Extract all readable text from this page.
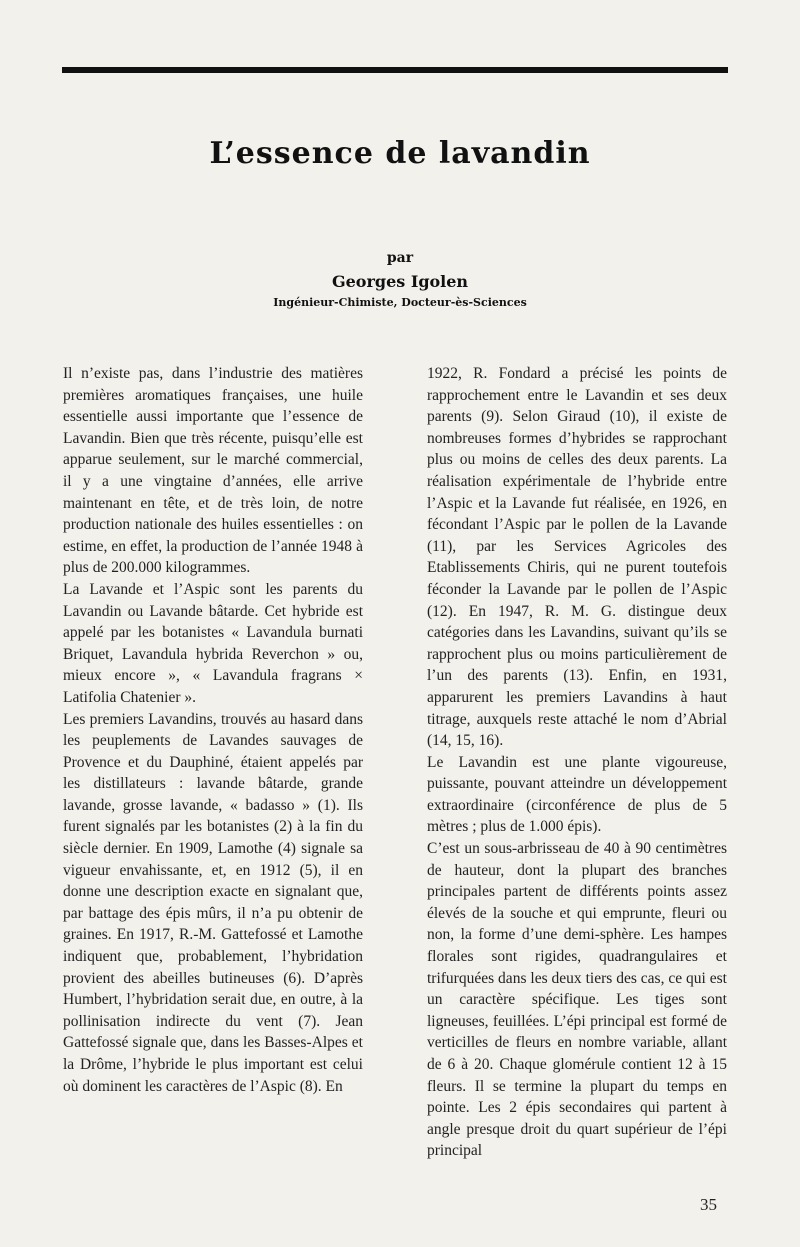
L’essence de lavandin
par
Georges Igolen
Ingénieur-Chimiste, Docteur-ès-Sciences

Il n’existe pas, dans l’industrie des matières premières aromatiques françaises, une huile essentielle aussi importante que l’essence de Lavandin. Bien que très récente, puisqu’elle est apparue seulement, sur le marché commercial, il y a une vingtaine d’années, elle arrive maintenant en tête, et de très loin, de notre production nationale des huiles essentielles : on estime, en effet, la production de l’année 1948 à plus de 200.000 kilogrammes.

La Lavande et l’Aspic sont les parents du Lavandin ou Lavande bâtarde. Cet hybride est appelé par les botanistes « Lavandula burnati Briquet, Lavandula hybrida Reverchon » ou, mieux encore », « Lavandula fragrans × Latifolia Chatenier ».

Les premiers Lavandins, trouvés au hasard dans les peuplements de Lavandes sauvages de Provence et du Dauphiné, étaient appelés par les distillateurs : lavande bâtarde, grande lavande, grosse lavande, « badasso » (1). Ils furent signalés par les botanistes (2) à la fin du siècle dernier. En 1909, Lamothe (4) signale sa vigueur envahissante, et, en 1912 (5), il en donne une description exacte en signalant que, par battage des épis mûrs, il n’a pu obtenir de graines. En 1917, R.-M. Gattefossé et Lamothe indiquent que, probablement, l’hybridation provient des abeilles butineuses (6). D’après Humbert, l’hybridation serait due, en outre, à la pollinisation indirecte du vent (7). Jean Gattefossé signale que, dans les Basses-Alpes et la Drôme, l’hybride le plus important est celui où dominent les caractères de l’Aspic (8). En

1922, R. Fondard a précisé les points de rapprochement entre le Lavandin et ses deux parents (9). Selon Giraud (10), il existe de nombreuses formes d’hybrides se rapprochant plus ou moins de celles des deux parents. La réalisation expérimentale de l’hybride entre l’Aspic et la Lavande fut réalisée, en 1926, en fécondant l’Aspic par le pollen de la Lavande (11), par les Services Agricoles des Etablissements Chiris, qui ne purent toutefois féconder la Lavande par le pollen de l’Aspic (12). En 1947, R. M. G. distingue deux catégories dans les Lavandins, suivant qu’ils se rapprochent plus ou moins particulièrement de l’un des parents (13). Enfin, en 1931, apparurent les premiers Lavandins à haut titrage, auxquels reste attaché le nom d’Abrial (14, 15, 16).

Le Lavandin est une plante vigoureuse, puissante, pouvant atteindre un développement extraordinaire (circonférence de plus de 5 mètres ; plus de 1.000 épis).

C’est un sous-arbrisseau de 40 à 90 centimètres de hauteur, dont la plupart des branches principales partent de différents points assez élevés de la souche et qui emprunte, fleuri ou non, la forme d’une demi-sphère. Les hampes florales sont rigides, quadrangulaires et trifurquées dans les deux tiers des cas, ce qui est un caractère spécifique. Les tiges sont ligneuses, feuillées. L’épi principal est formé de verticilles de fleurs en nombre variable, allant de 6 à 20. Chaque glomérule contient 12 à 15 fleurs. Il se termine la plupart du temps en pointe. Les 2 épis secondaires qui partent à angle presque droit du quart supérieur de l’épi principal

35
